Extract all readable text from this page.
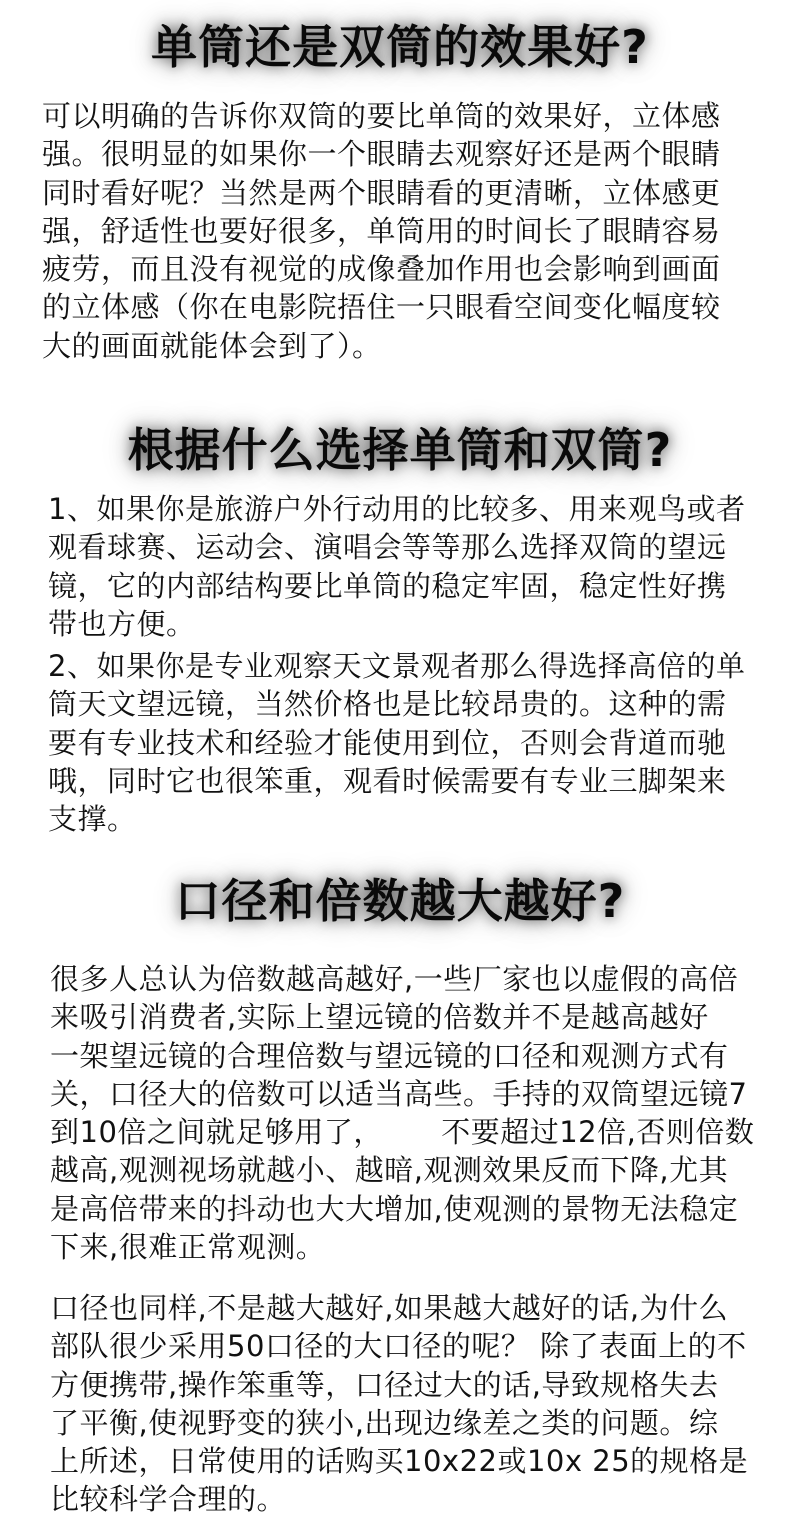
单筒还是双筒的效果好?
可以明确的告诉你双筒的要比单筒的效果好，立体感
强。很明显的如果你一个眼睛去观察好还是两个眼睛
同时看好呢？当然是两个眼睛看的更清晰，立体感更
强，舒适性也要好很多，单筒用的时间长了眼睛容易
疲劳，而且没有视觉的成像叠加作用也会影响到画面
的立体感（你在电影院捂住一只眼看空间变化幅度较
大的画面就能体会到了）。
根据什么选择单筒和双筒?
1、如果你是旅游户外行动用的比较多、用来观鸟或者
观看球赛、运动会、演唱会等等那么选择双筒的望远
镜，它的内部结构要比单筒的稳定牢固，稳定性好携
带也方便。
2、如果你是专业观察天文景观者那么得选择高倍的单
筒天文望远镜，当然价格也是比较昂贵的。这种的需
要有专业技术和经验才能使用到位，否则会背道而驰
哦，同时它也很笨重，观看时候需要有专业三脚架来
支撑。
口径和倍数越大越好?
很多人总认为倍数越高越好,一些厂家也以虚假的高倍
来吸引消费者,实际上望远镜的倍数并不是越高越好
一架望远镜的合理倍数与望远镜的口径和观测方式有
关，口径大的倍数可以适当高些。手持的双筒望远镜7
到10倍之间就足够用了，      不要超过12倍,否则倍数
越高,观测视场就越小、越暗,观测效果反而下降,尤其
是高倍带来的抖动也大大增加,使观测的景物无法稳定
下来,很难正常观测。
口径也同样,不是越大越好,如果越大越好的话,为什么
部队很少采用50口径的大口径的呢？ 除了表面上的不
方便携带,操作笨重等，口径过大的话,导致规格失去
了平衡,使视野变的狭小,出现边缘差之类的问题。综
上所述，日常使用的话购买10x22或10x 25的规格是
比较科学合理的。
